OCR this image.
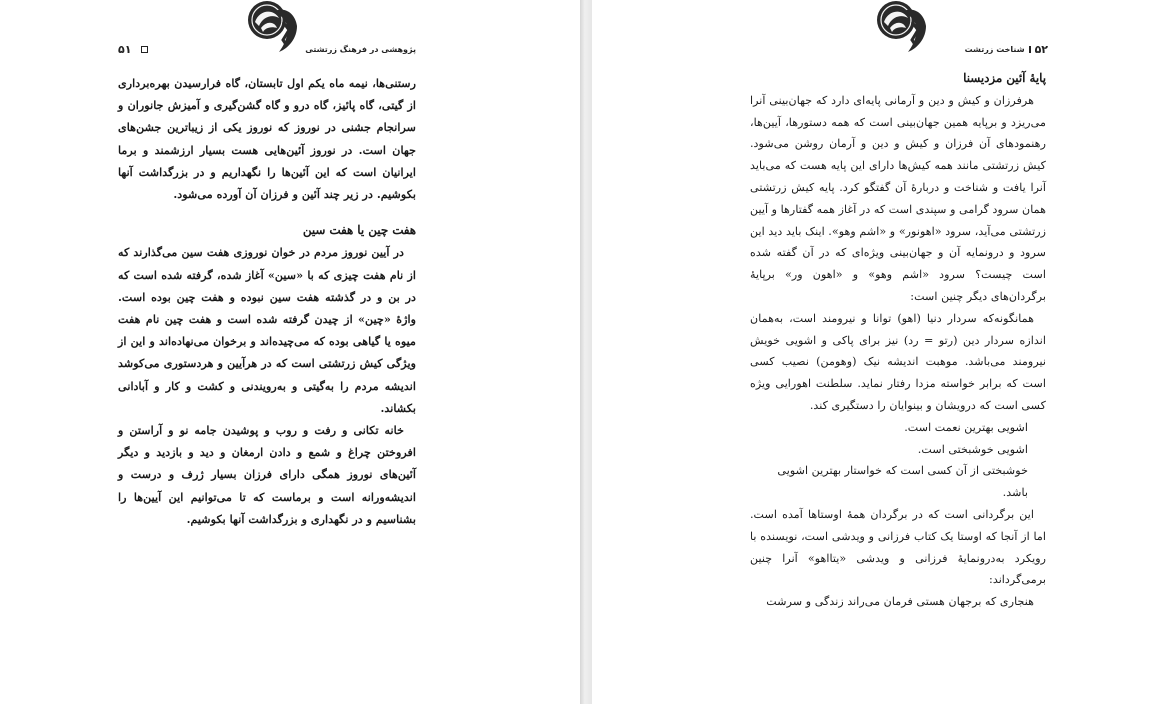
پژوهشی در فرهنگ زرتشتی
۵۱

رستنی‌ها، نیمه ماه یکم اول تابستان، گاه فرارسیدن بهره‌برداری از گیتی، گاه پائیز، گاه درو و گاه گشن‌گیری و آمیزش جانوران و سرانجام جشنی در نوروز که نوروز یکی از زیباترین جشن‌های جهان است. در نوروز آئین‌هایی هست بسیار ارزشمند و برما ایرانیان است که این آئین‌ها را نگهداریم و در بزرگداشت آنها بکوشیم. در زیر چند آئین و فرزان آن آورده می‌شود.

هفت چین یا هفت سین

در آیین نوروز مردم در خوان نوروزی هفت سین می‌گذارند که از نام هفت چیزی که با «سین» آغاز شده، گرفته شده است که در بن و در گذشته هفت سین نبوده و هفت چین بوده است. واژهٔ «چین» از چیدن گرفته شده است و هفت چین نام هفت میوه یا گیاهی بوده که می‌چیده‌اند و برخوان می‌نهاده‌اند و این از ویژگی کیش زرتشتی است که در هرآیین و هردستوری می‌کوشد اندیشه مردم را به‌گیتی و به‌رویندنی و کشت و کار و آبادانی بکشاند.

خانه تکانی و رفت و روب و پوشیدن جامه نو و آراستن و افروختن چراغ و شمع و دادن ارمغان و دید و بازدید و دیگر آئین‌های نوروز همگی دارای فرزان بسیار ژرف و درست و اندیشه‌ورانه است و برماست که تا می‌توانیم این آیین‌ها را بشناسیم و در نگهداری و بزرگداشت آنها بکوشیم.

۵۲
شناخت زرتشت
پایهٔ آئین مزدیسنا

هرفرزان و کیش و دین و آرمانی پایه‌ای دارد که جهان‌بینی آنرا می‌ریزد و برپایه همین جهان‌بینی است که همه دستورها، آیین‌ها، رهنمودهای آن فرزان و کیش و دین و آرمان روشن می‌شود. کیش زرتشتی مانند همه کیش‌ها دارای این پایه هست که می‌باید آنرا یافت و شناخت و دربارهٔ آن گفتگو کرد. پایه کیش زرتشتی همان سرود گرامی و سپندی است که در آغاز همه گفتارها و آیین زرتشتی می‌آید، سرود «اهونور» و «اشم وهو». اینک باید دید این سرود و درونمایه آن و جهان‌بینی ویژه‌ای که در آن گفته شده است چیست؟ سرود «اشم وهو» و «اهون ور» برپایهٔ برگردان‌های دیگر چنین است:

همانگونه‌که سردار دنیا (اهو) توانا و نیرومند است، به‌همان اندازه سردار دین (رتو = رد) نیز برای پاکی و اشویی خویش نیرومند می‌باشد. موهبت اندیشه نیک (وهومن) نصیب کسی است که برابر خواسته مزدا رفتار نماید. سلطنت اهورایی ویژه کسی است که درویشان و بینوایان را دستگیری کند.

اشویی بهترین نعمت است.

اشویی خوشبختی است.

خوشبختی از آن کسی است که خواستار بهترین اشویی باشد.

این برگردانی است که در برگردان همهٔ اوستاها آمده است. اما از آنجا که اوستا یک کتاب فرزانی و ویدشی است، نویسنده با رویکرد به‌درونمایهٔ فرزانی و ویدشی «یتااهو» آنرا چنین برمی‌گرداند:

هنجاری که برجهان هستی فرمان می‌راند زندگی و سرشت
